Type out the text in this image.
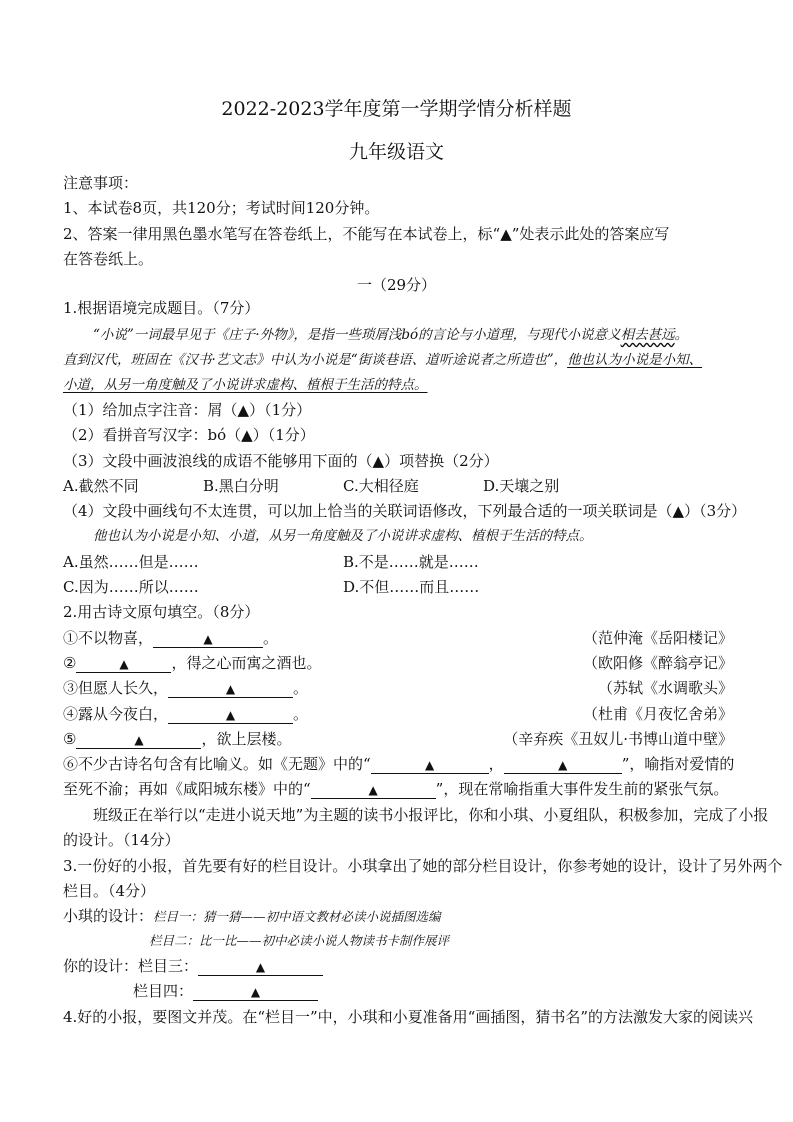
2022-2023学年度第一学期学情分析样题
九年级语文
注意事项：
1、本试卷8页，共120分；考试时间120分钟。
2、答案一律用黑色墨水笔写在答卷纸上，不能写在本试卷上，标“▲”处表示此处的答案应写
在答卷纸上。
一（29分）
1.根据语境完成题目。（7分）
“小说”一词最早见于《庄子·外物》，是指一些琐屑浅bó的言论与小道理，与现代小说意义相去甚远。
直到汉代，班固在《汉书·艺文志》中认为小说是“街谈巷语、道听途说者之所造也”，他也认为小说是小知、
小道，从另一角度触及了小说讲求虚构、植根于生活的特点。
（1）给加点字注音：屑（▲）（1分）
（2）看拼音写汉字：bó（▲）（1分）
（3）文段中画波浪线的成语不能够用下面的（▲）项替换（2分）
A.截然不同	B.黑白分明	C.大相径庭	D.天壤之别
（4）文段中画线句不太连贯，可以加上恰当的关联词语修改，下列最合适的一项关联词是（▲）（3分）
他也认为小说是小知、小道，从另一角度触及了小说讲求虚构、植根于生活的特点。
A.虽然……但是……	B.不是……就是……
C.因为……所以……	D.不但……而且……
2.用古诗文原句填空。（8分）
①不以物喜，	▲	。	（范仲淹《岳阳楼记》
②	▲	，得之心而寓之酒也。	（欧阳修《醉翁亭记》
③但愿人长久，	▲	。	（苏轼《水调歌头》
④露从今夜白，	▲	。	（杜甫《月夜忆舍弟》
⑤	▲	，欲上层楼。	（辛弃疾《丑奴儿·书博山道中壁》
⑥不少古诗名句含有比喻义。如《无题》中的“	▲	，	▲	”，喻指对爱情的
至死不渝；再如《咸阳城东楼》中的“	▲	”，现在常喻指重大事件发生前的紧张气氛。
班级正在举行以“走进小说天地”为主题的读书小报评比，你和小琪、小夏组队，积极参加，完成了小报
的设计。（14分）
3.一份好的小报，首先要有好的栏目设计。小琪拿出了她的部分栏目设计，你参考她的设计，设计了另外两个
栏目。（4分）
小琪的设计：栏目一：猜一猜——初中语文教材必读小说插图选编
栏目二：比一比——初中必读小说人物读书卡制作展评
你的设计：栏目三：	▲
栏目四：	▲
4.好的小报，要图文并茂。在“栏目一”中，小琪和小夏准备用“画插图，猜书名”的方法激发大家的阅读兴
